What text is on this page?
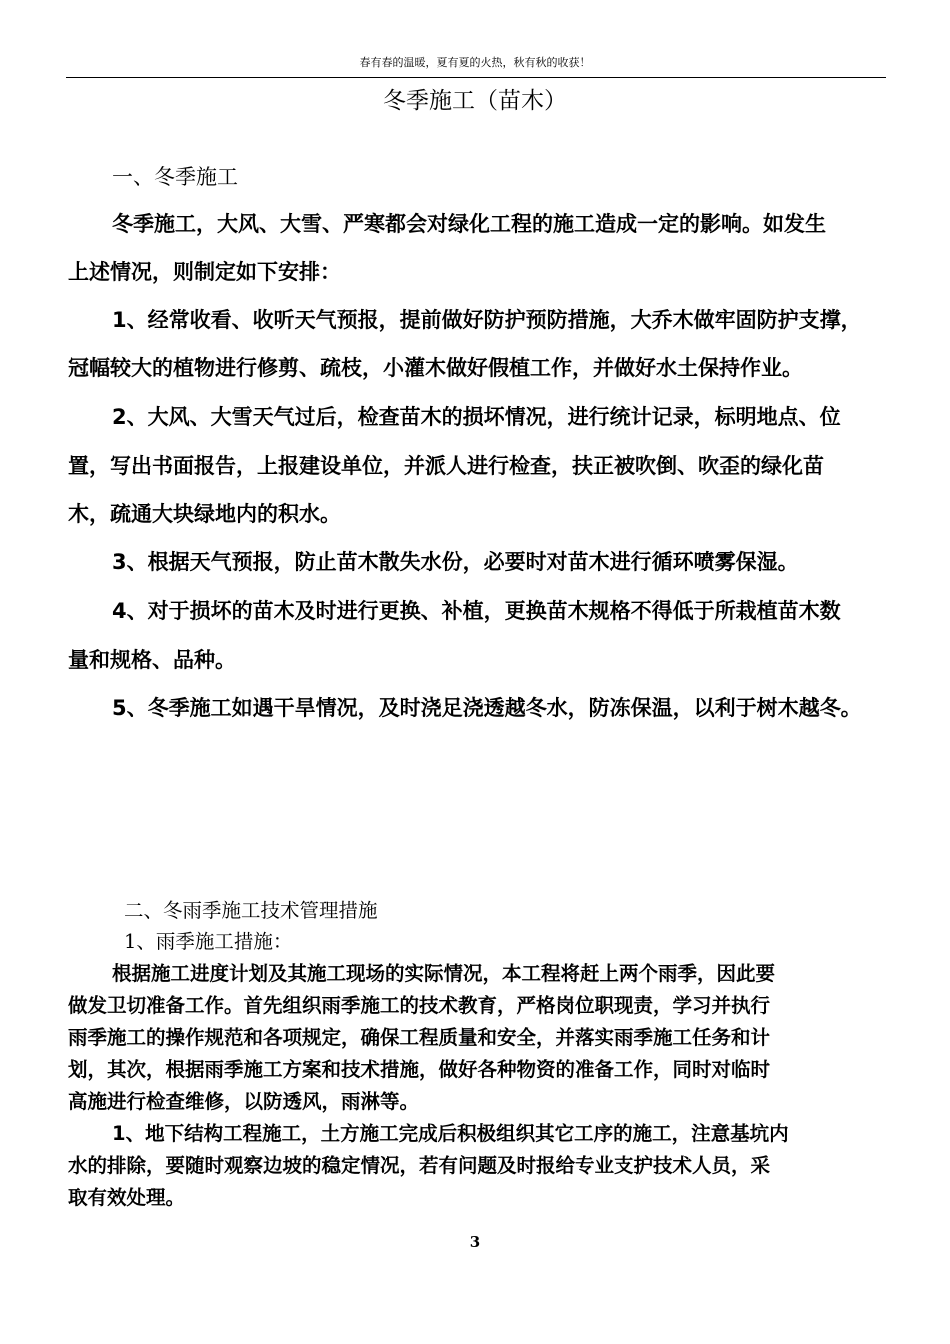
春有春的温暖，夏有夏的火热，秋有秋的收获！
冬季施工（苗木）
一、冬季施工
冬季施工，大风、大雪、严寒都会对绿化工程的施工造成一定的影响。如发生
上述情况，则制定如下安排：
1、经常收看、收听天气预报，提前做好防护预防措施，大乔木做牢固防护支撑，
冠幅较大的植物进行修剪、疏枝，小灌木做好假植工作，并做好水土保持作业。
2、大风、大雪天气过后，检查苗木的损坏情况，进行统计记录，标明地点、位
置，写出书面报告，上报建设单位，并派人进行检查，扶正被吹倒、吹歪的绿化苗
木，疏通大块绿地内的积水。
3、根据天气预报，防止苗木散失水份，必要时对苗木进行循环喷雾保湿。
4、对于损坏的苗木及时进行更换、补植，更换苗木规格不得低于所栽植苗木数
量和规格、品种。
5、冬季施工如遇干旱情况，及时浇足浇透越冬水，防冻保温，以利于树木越冬。
二、冬雨季施工技术管理措施
1、雨季施工措施：
根据施工进度计划及其施工现场的实际情况，本工程将赶上两个雨季，因此要
做发卫切准备工作。首先组织雨季施工的技术教育，严格岗位职现责，学习并执行
雨季施工的操作规范和各项规定，确保工程质量和安全，并落实雨季施工任务和计
划，其次，根据雨季施工方案和技术措施，做好各种物资的准备工作，同时对临时
高施进行检查维修，以防透风，雨淋等。
1、地下结构工程施工，土方施工完成后积极组织其它工序的施工，注意基坑内
水的排除，要随时观察边坡的稳定情况，若有问题及时报给专业支护技术人员，采
取有效处理。
3
